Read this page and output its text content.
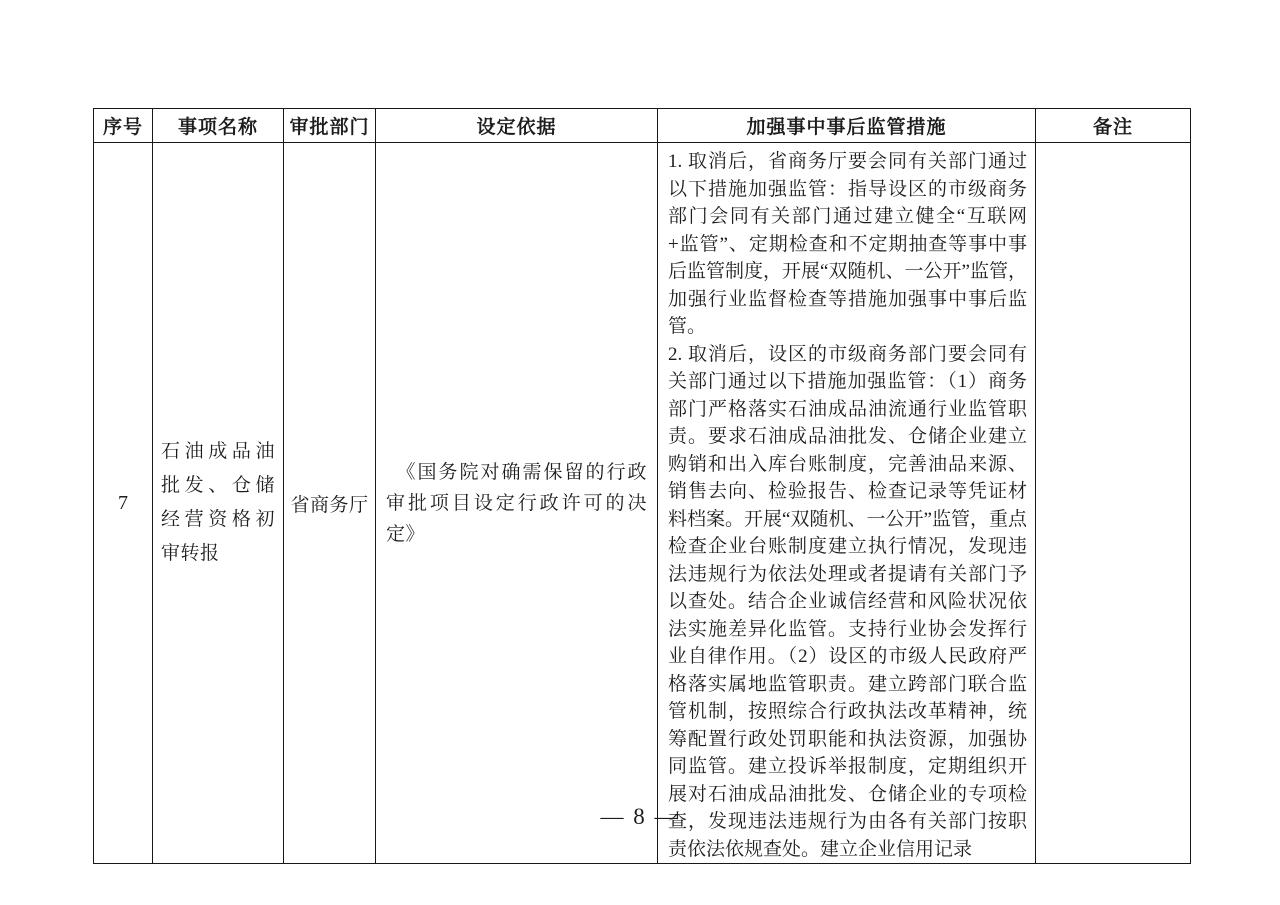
序号	事项名称	审批部门	设定依据	加强事中事后监管措施	备注
7	石油成品油批发、仓储经营资格初审转报	省商务厅	《国务院对确需保留的行政审批项目设定行政许可的决定》	1. 取消后，省商务厅要会同有关部门通过以下措施加强监管：指导设区的市级商务部门会同有关部门通过建立健全“互联网+监管”、定期检查和不定期抽查等事中事后监管制度，开展“双随机、一公开”监管，加强行业监督检查等措施加强事中事后监管。

2. 取消后，设区的市级商务部门要会同有关部门通过以下措施加强监管：（1）商务部门严格落实石油成品油流通行业监管职责。要求石油成品油批发、仓储企业建立购销和出入库台账制度，完善油品来源、销售去向、检验报告、检查记录等凭证材料档案。开展“双随机、一公开”监管，重点检查企业台账制度建立执行情况，发现违法违规行为依法处理或者提请有关部门予以查处。结合企业诚信经营和风险状况依法实施差异化监管。支持行业协会发挥行业自律作用。（2）设区的市级人民政府严格落实属地监管职责。建立跨部门联合监管机制，按照综合行政执法改革精神，统筹配置行政处罚职能和执法资源，加强协同监管。建立投诉举报制度，定期组织开展对石油成品油批发、仓储企业的专项检查，发现违法违规行为由各有关部门按职责依法依规查处。建立企业信用记录	

— 8 —
